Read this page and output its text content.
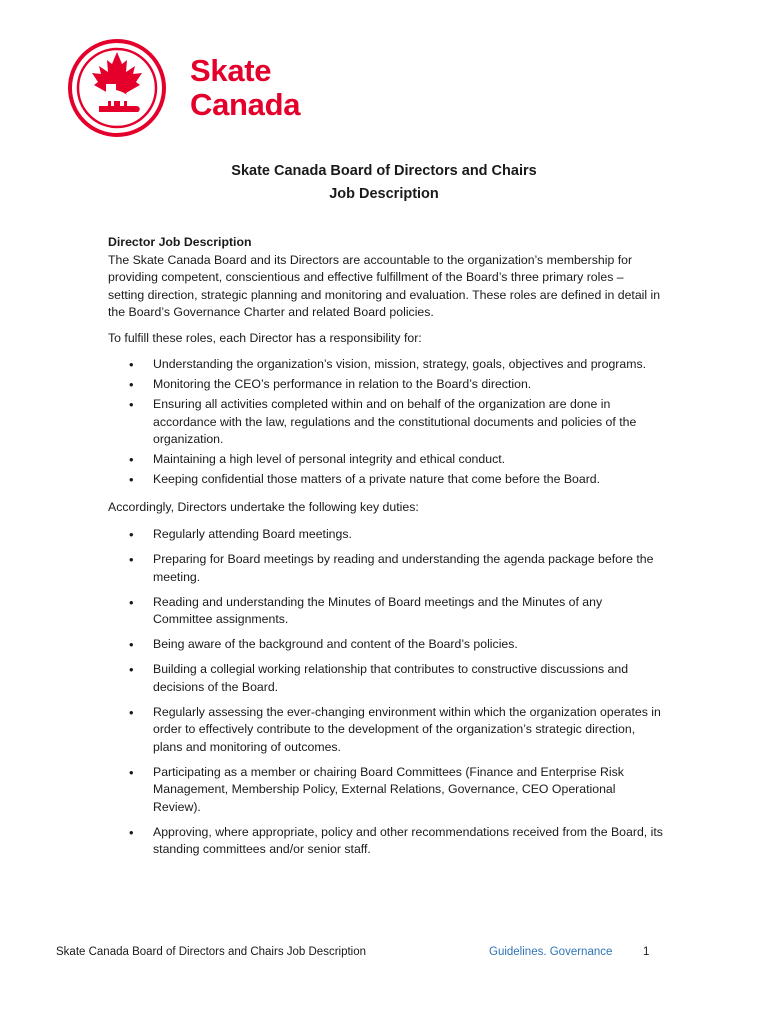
Skate
Canada
Skate Canada Board of Directors and Chairs
Job Description

Director Job Description

The Skate Canada Board and its Directors are accountable to the organization’s membership for providing competent, conscientious and effective fulfillment of the Board’s three primary roles – setting direction, strategic planning and monitoring and evaluation. These roles are defined in detail in the Board’s Governance Charter and related Board policies.

To fulfill these roles, each Director has a responsibility for:

• Understanding the organization’s vision, mission, strategy, goals, objectives and programs.
• Monitoring the CEO’s performance in relation to the Board’s direction.
• Ensuring all activities completed within and on behalf of the organization are done in accordance with the law, regulations and the constitutional documents and policies of the organization.
• Maintaining a high level of personal integrity and ethical conduct.
• Keeping confidential those matters of a private nature that come before the Board.

Accordingly, Directors undertake the following key duties:

• Regularly attending Board meetings.
• Preparing for Board meetings by reading and understanding the agenda package before the meeting.
• Reading and understanding the Minutes of Board meetings and the Minutes of any Committee assignments.
• Being aware of the background and content of the Board’s policies.
• Building a collegial working relationship that contributes to constructive discussions and decisions of the Board.
• Regularly assessing the ever-changing environment within which the organization operates in order to effectively contribute to the development of the organization’s strategic direction, plans and monitoring of outcomes.
• Participating as a member or chairing Board Committees (Finance and Enterprise Risk Management, Membership Policy, External Relations, Governance, CEO Operational Review).
• Approving, where appropriate, policy and other recommendations received from the Board, its standing committees and/or senior staff.
Skate Canada Board of Directors and Chairs Job Description	Guidelines. Governance	1
